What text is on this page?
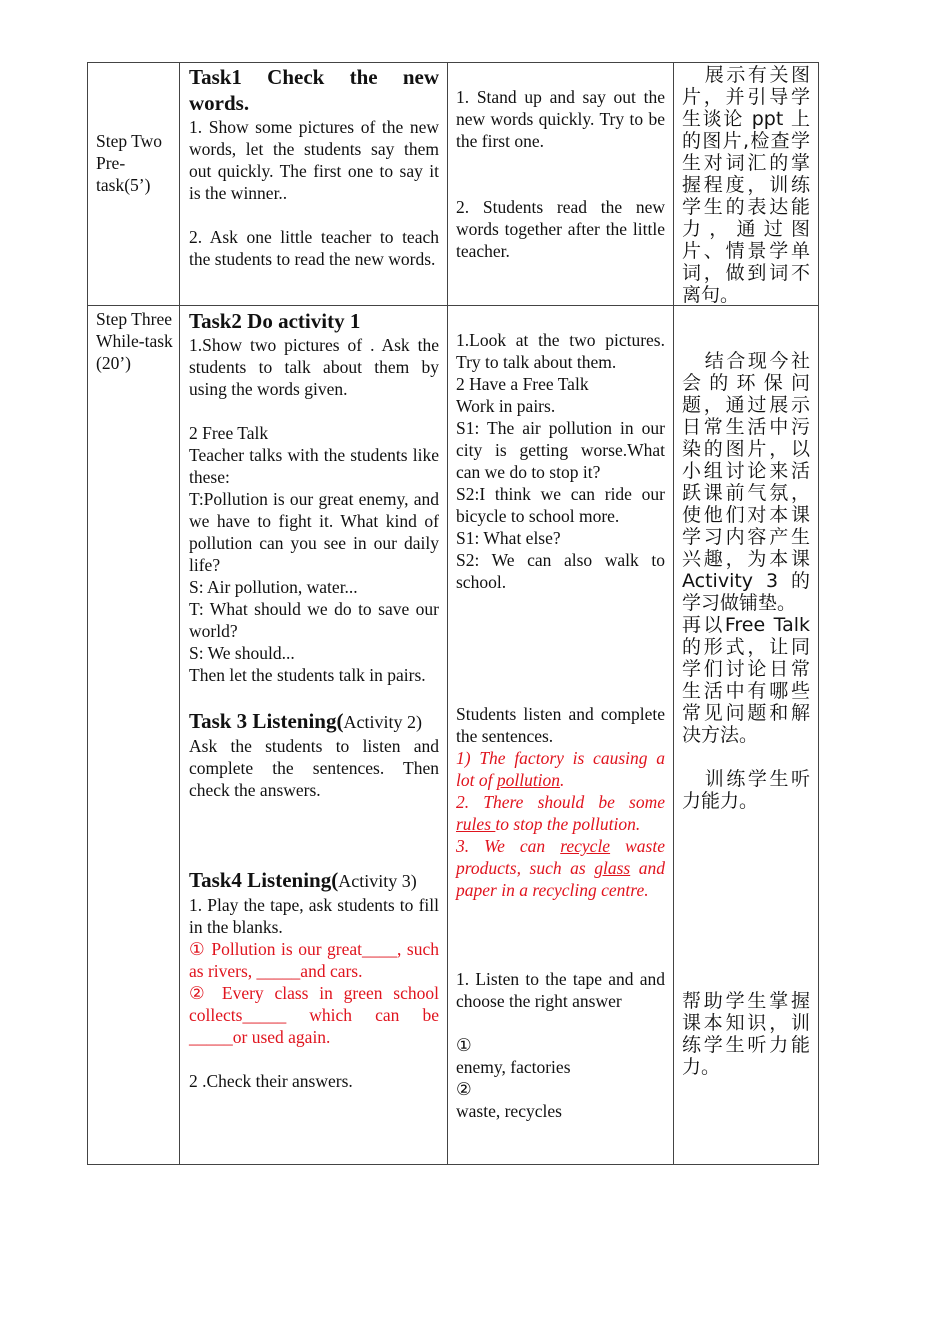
Step Two Pre-task(5’)

Task1 Check the new words.

1. Show some pictures of the new words, let the students say them out quickly. The first one to say it is the winner..

2. Ask one little teacher to teach the students to read the new words.

1. Stand up and say out the new words quickly. Try to be the first one.

2. Students read the new words together after the little teacher.

展示有关图片，并引导学生谈论 ppt 上的图片,检查学生对词汇的掌握程度，训练学生的表达能力，通过图片、情景学单词，做到词不离句。
Step Three While-task (20’)

Task2 Do activity 1

1.Show two pictures of . Ask the students to talk about them by using the words given.

2 Free Talk

Teacher talks with the students like these:

T:Pollution is our great enemy, and we have to fight it. What kind of pollution can you see in our daily life?

S: Air pollution, water...

T: What should we do to save our world?

S: We should...

Then let the students talk in pairs.

Task 3 Listening(Activity 2)

Ask the students to listen and complete the sentences. Then check the answers.

Task4 Listening(Activity 3)

1. Play the tape, ask students to fill in the blanks.

① Pollution is our great____, such as rivers, _____and cars.

② Every class in green school collects_____ which can be _____or used again.

2 .Check their answers.

1.Look at the two pictures. Try to talk about them.

2 Have a Free Talk

Work in pairs.

S1: The air pollution in our city is getting worse.What can we do to stop it?

S2:I think we can ride our bicycle to school more.

S1: What else?

S2: We can also walk to school.

Students listen and complete the sentences.

1) The factory is causing a lot of pollution.

2. There should be some rules to stop the pollution.

3. We can recycle waste products, such as glass and paper in a recycling centre.

1. Listen to the tape and and choose the right answer

①

enemy, factories

②

waste, recycles

结合现今社会的环保问题，通过展示日常生活中污染的图片，以小组讨论来活跃课前气氛，使他们对本课学习内容产生兴趣，为本课Activity 3 的学习做铺垫。

再以Free Talk的形式，让同学们讨论日常生活中有哪些常见问题和解决方法。

训练学生听力能力。

帮助学生掌握课本知识，训练学生听力能力。
